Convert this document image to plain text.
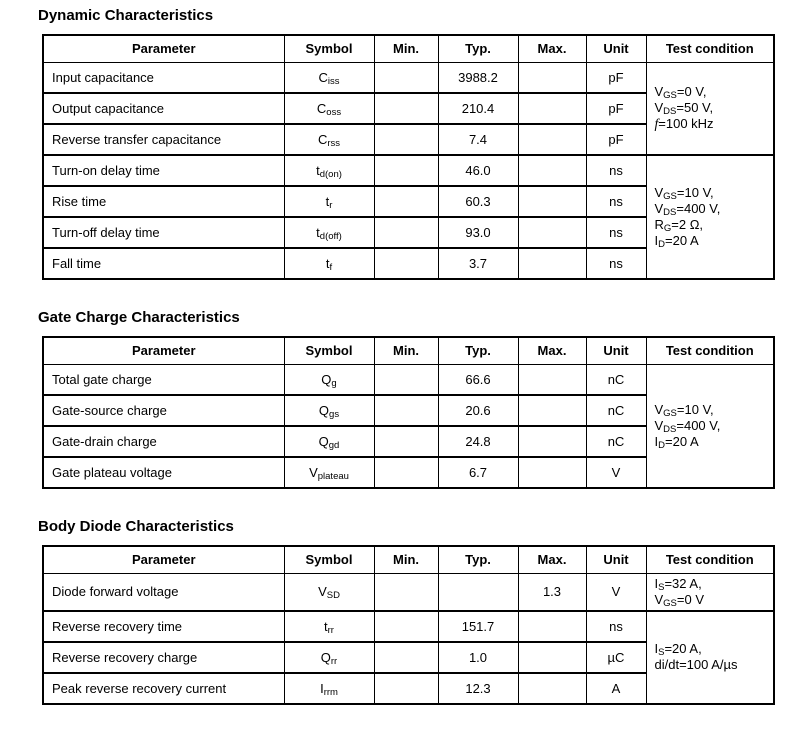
Dynamic Characteristics
Parameter	Symbol	Min.	Typ.	Max.	Unit	Test condition
Input capacitance	$C_{iss}$		3988.2		pF	$V_{GS}=0$ V,
$V_{DS}=50$ V,
f=100 kHz
Output capacitance	$C_{oss}$		210.4		pF	
Reverse transfer capacitance	$C_{rss}$		7.4		pF	
Turn-on delay time	$t_{d(on)}$		46.0		ns	$V_{GS}=10$ V,
$V_{DS}=400$ V,
$R_G=2$ Ω,
$I_D=20$ A
Rise time	$t_r$		60.3		ns	
Turn-off delay time	$t_{d(off)}$		93.0		ns	
Fall time	$t_f$		3.7		ns	
Gate Charge Characteristics
Parameter	Symbol	Min.	Typ.	Max.	Unit	Test condition
Total gate charge	$Q_g$		66.6		nC	$V_{GS}=10$ V,
$V_{DS}=400$ V,
$I_D=20$ A
Gate-source charge	$Q_{gs}$		20.6		nC	
Gate-drain charge	$Q_{gd}$		24.8		nC	
Gate plateau voltage	$V_{plateau}$		6.7		V	
Body Diode Characteristics
Parameter	Symbol	Min.	Typ.	Max.	Unit	Test condition
Diode forward voltage	$V_{SD}$			1.3	V	$I_S=32$ A,
$V_{GS}=0$ V
Reverse recovery time	$t_{rr}$		151.7		ns	$I_S=20$ A,
di/dt=100 A/µs
Reverse recovery charge	$Q_{rr}$		1.0		µC	
Peak reverse recovery current	$I_{rrm}$		12.3		A	
